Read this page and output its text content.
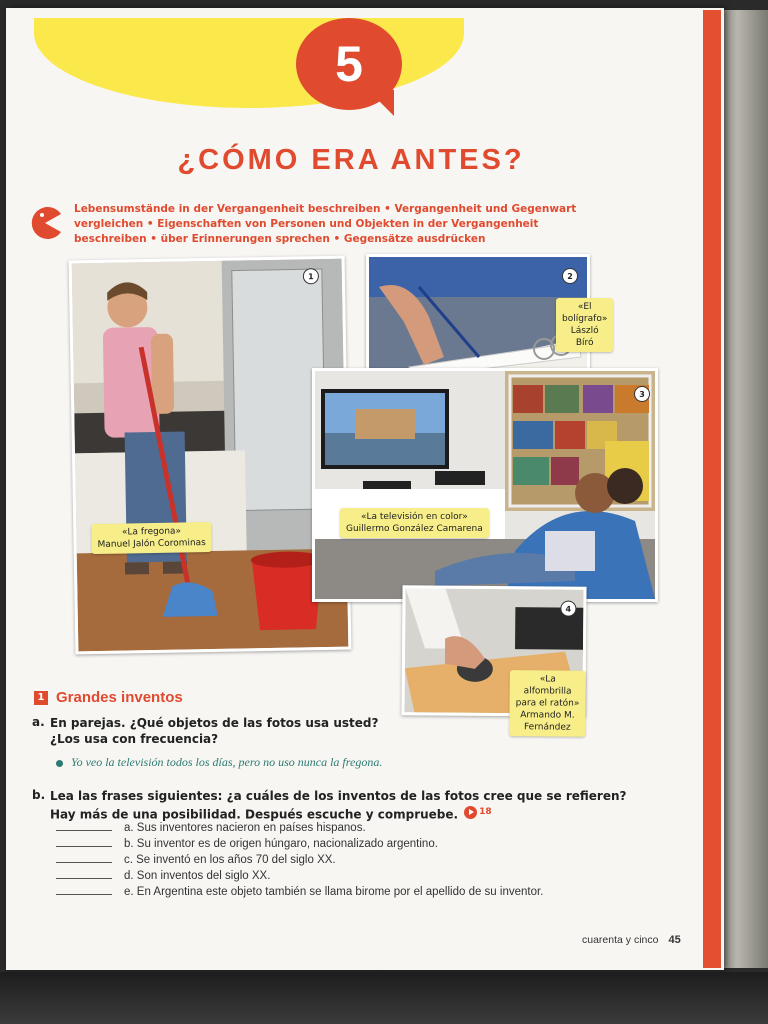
5
¿CÓMO ERA ANTES?
Lebensumstände in der Vergangenheit beschreiben • Vergangenheit und Gegenwart vergleichen • Eigenschaften von Personen und Objekten in der Vergangenheit beschreiben • über Erinnerungen sprechen • Gegensätze ausdrücken
1
«La fregona»
Manuel Jalón Corominas
2
«El bolígrafo»
László Bíró
3
«La televisión en color»
Guillermo González Camarena
4
«La alfombrilla para el ratón»
Armando M. Fernández
1 Grandes inventos
a. En parejas. ¿Qué objetos de las fotos usa usted?
¿Los usa con frecuencia?
Yo veo la televisión todos los días, pero no uso nunca la fregona.
b. Lea las frases siguientes: ¿a cuáles de los inventos de las fotos cree que se refieren?
Hay más de una posibilidad. Después escuche y compruebe. 18
a. Sus inventores nacieron en países hispanos.
b. Su inventor es de origen húngaro, nacionalizado argentino.
c. Se inventó en los años 70 del siglo XX.
d. Son inventos del siglo XX.
e. En Argentina este objeto también se llama birome por el apellido de su inventor.
cuarenta y cinco 45
